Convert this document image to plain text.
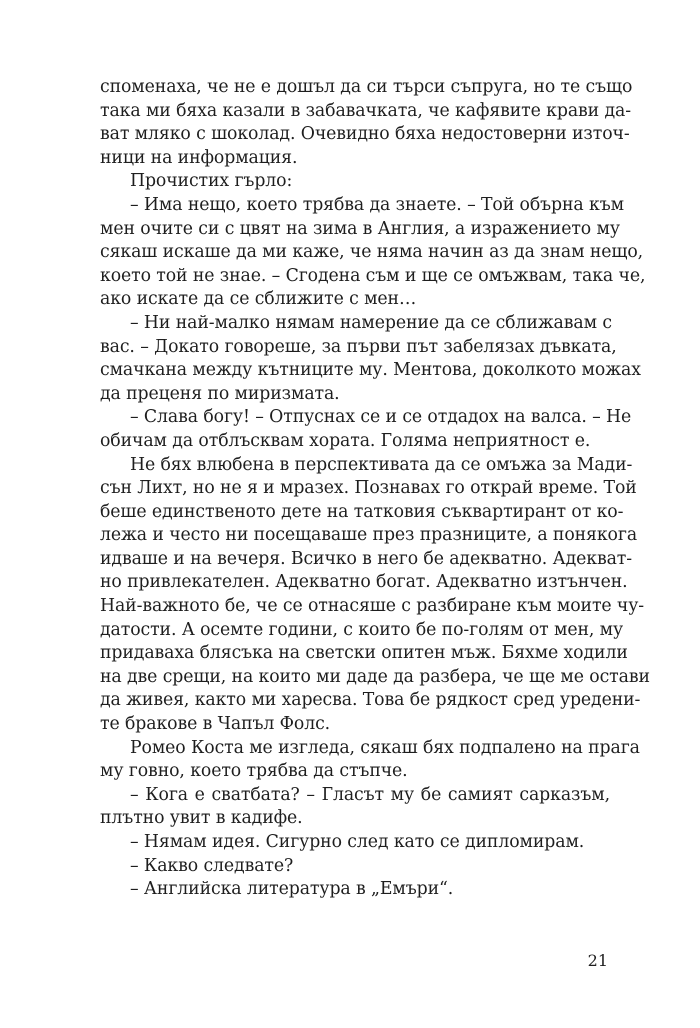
споменаха, че не е дошъл да си търси съпруга, но те също
така ми бяха казали в забавачката, че кафявите крави да-
ват мляко с шоколад. Очевидно бяха недостоверни източ-
ници на информация.
Прочистих гърло:
– Има нещо, което трябва да знаете. – Той обърна към
мен очите си с цвят на зима в Англия, а изражението му
сякаш искаше да ми каже, че няма начин аз да знам нещо,
което той не знае. – Сгодена съм и ще се омъжвам, така че,
ако искате да се сближите с мен…
– Ни най-малко нямам намерение да се сближавам с
вас. – Докато говореше, за първи път забелязах дъвката,
смачкана между кътниците му. Ментова, доколкото можах
да преценя по миризмата.
– Слава богу! – Отпуснах се и се отдадох на валса. – Не
обичам да отблъсквам хората. Голяма неприятност е.
Не бях влюбена в перспективата да се омъжа за Мади-
сън Лихт, но не я и мразех. Познавах го открай време. Той
беше единственото дете на татковия съквартирант от ко-
лежа и често ни посещаваше през празниците, а понякога
идваше и на вечеря. Всичко в него бе адекватно. Адекват-
но привлекателен. Адекватно богат. Адекватно изтънчен.
Най-важното бе, че се отнасяше с разбиране към моите чу-
датости. А осемте години, с които бе по-голям от мен, му
придаваха блясъка на светски опитен мъж. Бяхме ходили
на две срещи, на които ми даде да разбера, че ще ме остави
да живея, както ми харесва. Това бе рядкост сред уредени-
те бракове в Чапъл Фолс.
Ромео Коста ме изгледа, сякаш бях подпалено на прага
му говно, което трябва да стъпче.
– Кога е сватбата? – Гласът му бе самият сарказъм,
плътно увит в кадифе.
– Нямам идея. Сигурно след като се дипломирам.
– Какво следвате?
– Английска литература в „Емъри“.
21
